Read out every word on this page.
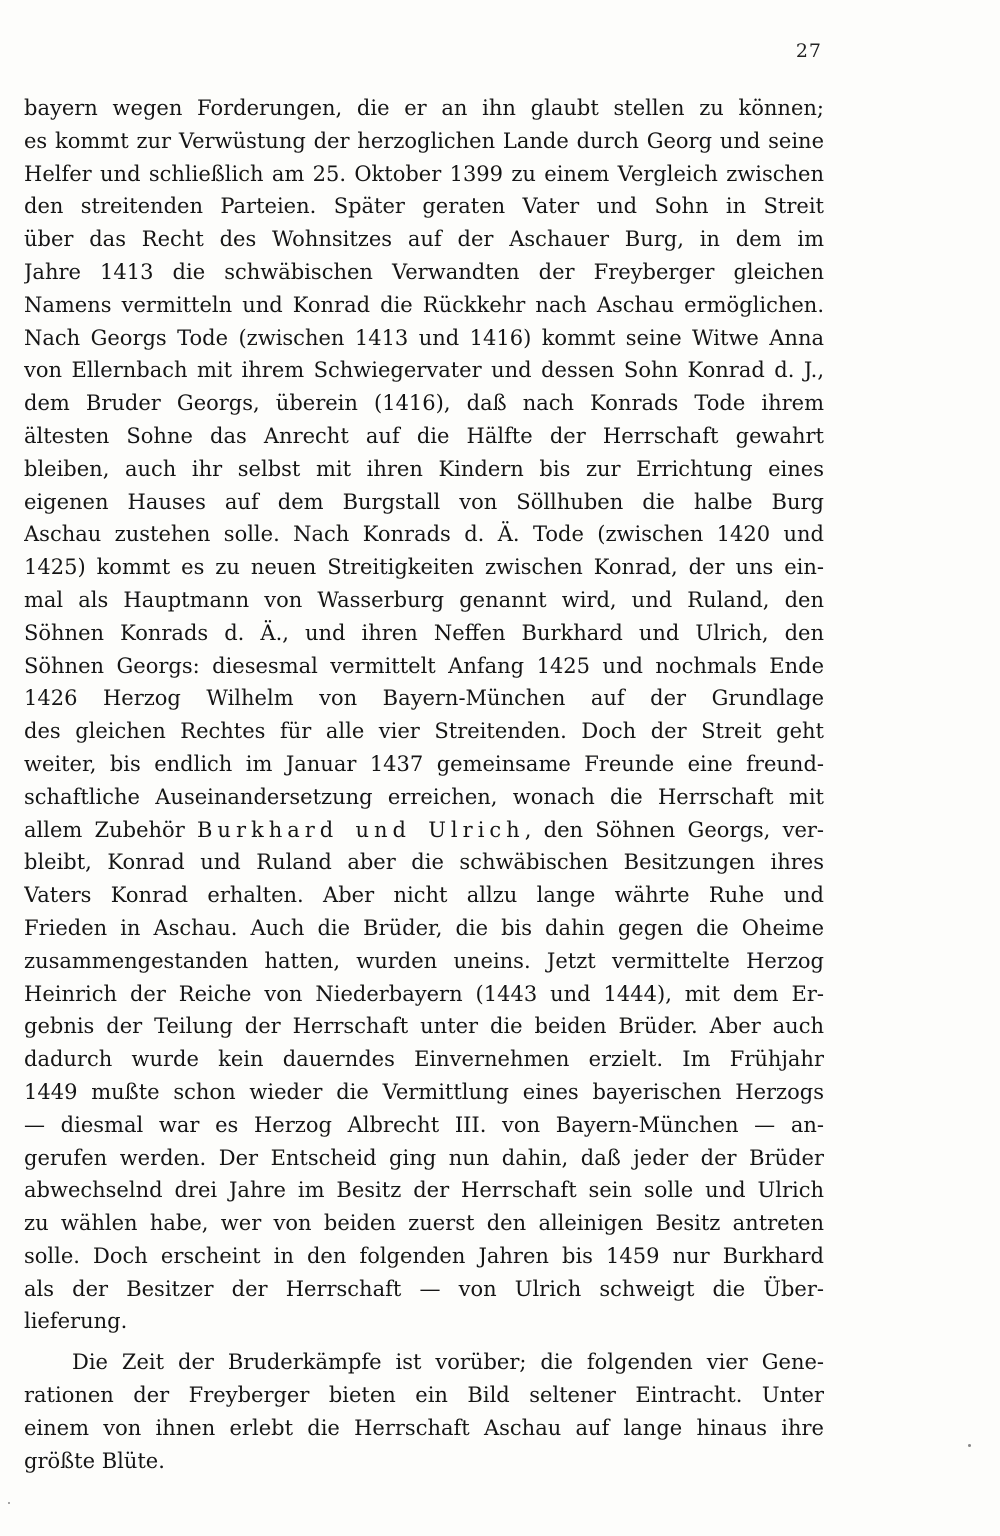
27
bayern wegen Forderungen, die er an ihn glaubt stellen zu können;
es kommt zur Verwüstung der herzoglichen Lande durch Georg und seine
Helfer und schließlich am 25. Oktober 1399 zu einem Vergleich zwischen
den streitenden Parteien. Später geraten Vater und Sohn in Streit
über das Recht des Wohnsitzes auf der Aschauer Burg, in dem im
Jahre 1413 die schwäbischen Verwandten der Freyberger gleichen
Namens vermitteln und Konrad die Rückkehr nach Aschau ermöglichen.
Nach Georgs Tode (zwischen 1413 und 1416) kommt seine Witwe Anna
von Ellernbach mit ihrem Schwiegervater und dessen Sohn Konrad d. J.,
dem Bruder Georgs, überein (1416), daß nach Konrads Tode ihrem
ältesten Sohne das Anrecht auf die Hälfte der Herrschaft gewahrt
bleiben, auch ihr selbst mit ihren Kindern bis zur Errichtung eines
eigenen Hauses auf dem Burgstall von Söllhuben die halbe Burg
Aschau zustehen solle. Nach Konrads d. Ä. Tode (zwischen 1420 und
1425) kommt es zu neuen Streitigkeiten zwischen Konrad, der uns ein-
mal als Hauptmann von Wasserburg genannt wird, und Ruland, den
Söhnen Konrads d. Ä., und ihren Neffen Burkhard und Ulrich, den
Söhnen Georgs: diesesmal vermittelt Anfang 1425 und nochmals Ende
1426 Herzog Wilhelm von Bayern-München auf der Grundlage
des gleichen Rechtes für alle vier Streitenden. Doch der Streit geht
weiter, bis endlich im Januar 1437 gemeinsame Freunde eine freund-
schaftliche Auseinandersetzung erreichen, wonach die Herrschaft mit
allem Zubehör Burkhard und Ulrich, den Söhnen Georgs, ver-
bleibt, Konrad und Ruland aber die schwäbischen Besitzungen ihres
Vaters Konrad erhalten. Aber nicht allzu lange währte Ruhe und
Frieden in Aschau. Auch die Brüder, die bis dahin gegen die Oheime
zusammengestanden hatten, wurden uneins. Jetzt vermittelte Herzog
Heinrich der Reiche von Niederbayern (1443 und 1444), mit dem Er-
gebnis der Teilung der Herrschaft unter die beiden Brüder. Aber auch
dadurch wurde kein dauerndes Einvernehmen erzielt. Im Frühjahr
1449 mußte schon wieder die Vermittlung eines bayerischen Herzogs
— diesmal war es Herzog Albrecht III. von Bayern-München — an-
gerufen werden. Der Entscheid ging nun dahin, daß jeder der Brüder
abwechselnd drei Jahre im Besitz der Herrschaft sein solle und Ulrich
zu wählen habe, wer von beiden zuerst den alleinigen Besitz antreten
solle. Doch erscheint in den folgenden Jahren bis 1459 nur Burkhard
als der Besitzer der Herrschaft — von Ulrich schweigt die Über-
lieferung.
Die Zeit der Bruderkämpfe ist vorüber; die folgenden vier Gene-
rationen der Freyberger bieten ein Bild seltener Eintracht. Unter
einem von ihnen erlebt die Herrschaft Aschau auf lange hinaus ihre
größte Blüte.
